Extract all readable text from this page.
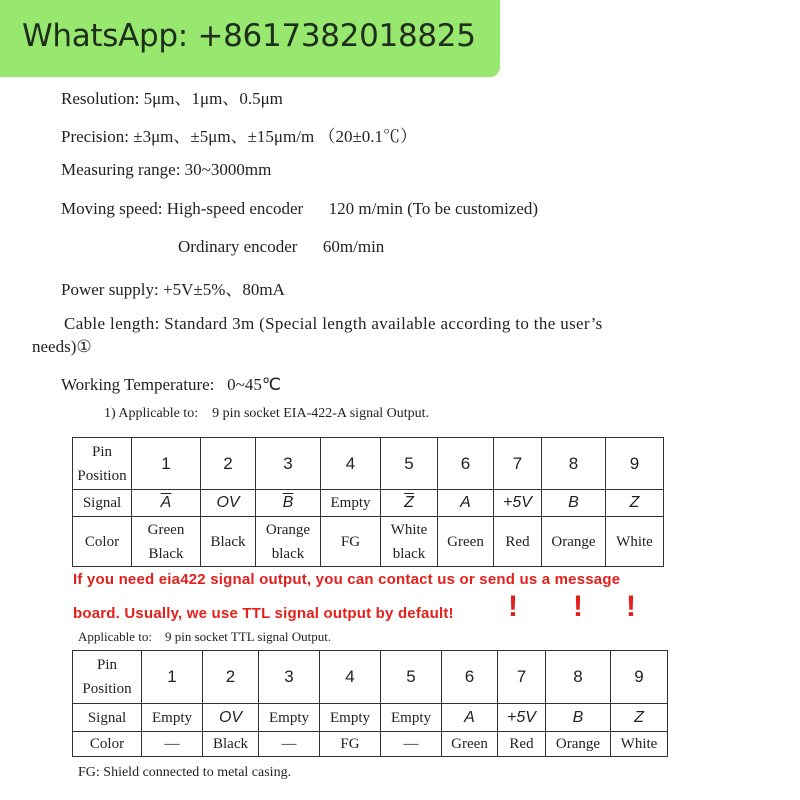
WhatsApp: +8617382018825
Resolution: 5μm、1μm、0.5μm
Precision: ±3μm、±5μm、±15μm/m （20±0.1℃）
Measuring range: 30~3000mm
Moving speed: High-speed encoder      120 m/min (To be customized)
Ordinary encoder      60m/min
Power supply: +5V±5%、80mA
Cable length: Standard 3m (Special length available according to the user’s
needs)①
Working Temperature:   0~45℃
1) Applicable to:    9 pin socket EIA-422-A signal Output.
Pin Position	1	2	3	4	5	6	7	8	9
Signal	$\overline{A}$	OV	$\overline{B}$	Empty	$\overline{Z}$	A	+5V	B	Z
Color	Green Black	Black	Orange black	FG	White black	Green	Red	Orange	White
If you need eia422 signal output, you can contact us or send us a message
board. Usually, we use TTL signal output by default! ! ! !
Applicable to:    9 pin socket TTL signal Output.
Pin Position	1	2	3	4	5	6	7	8	9
Signal	Empty	OV	Empty	Empty	Empty	A	+5V	B	Z
Color	—	Black	—	FG	—	Green	Red	Orange	White
FG: Shield connected to metal casing.
